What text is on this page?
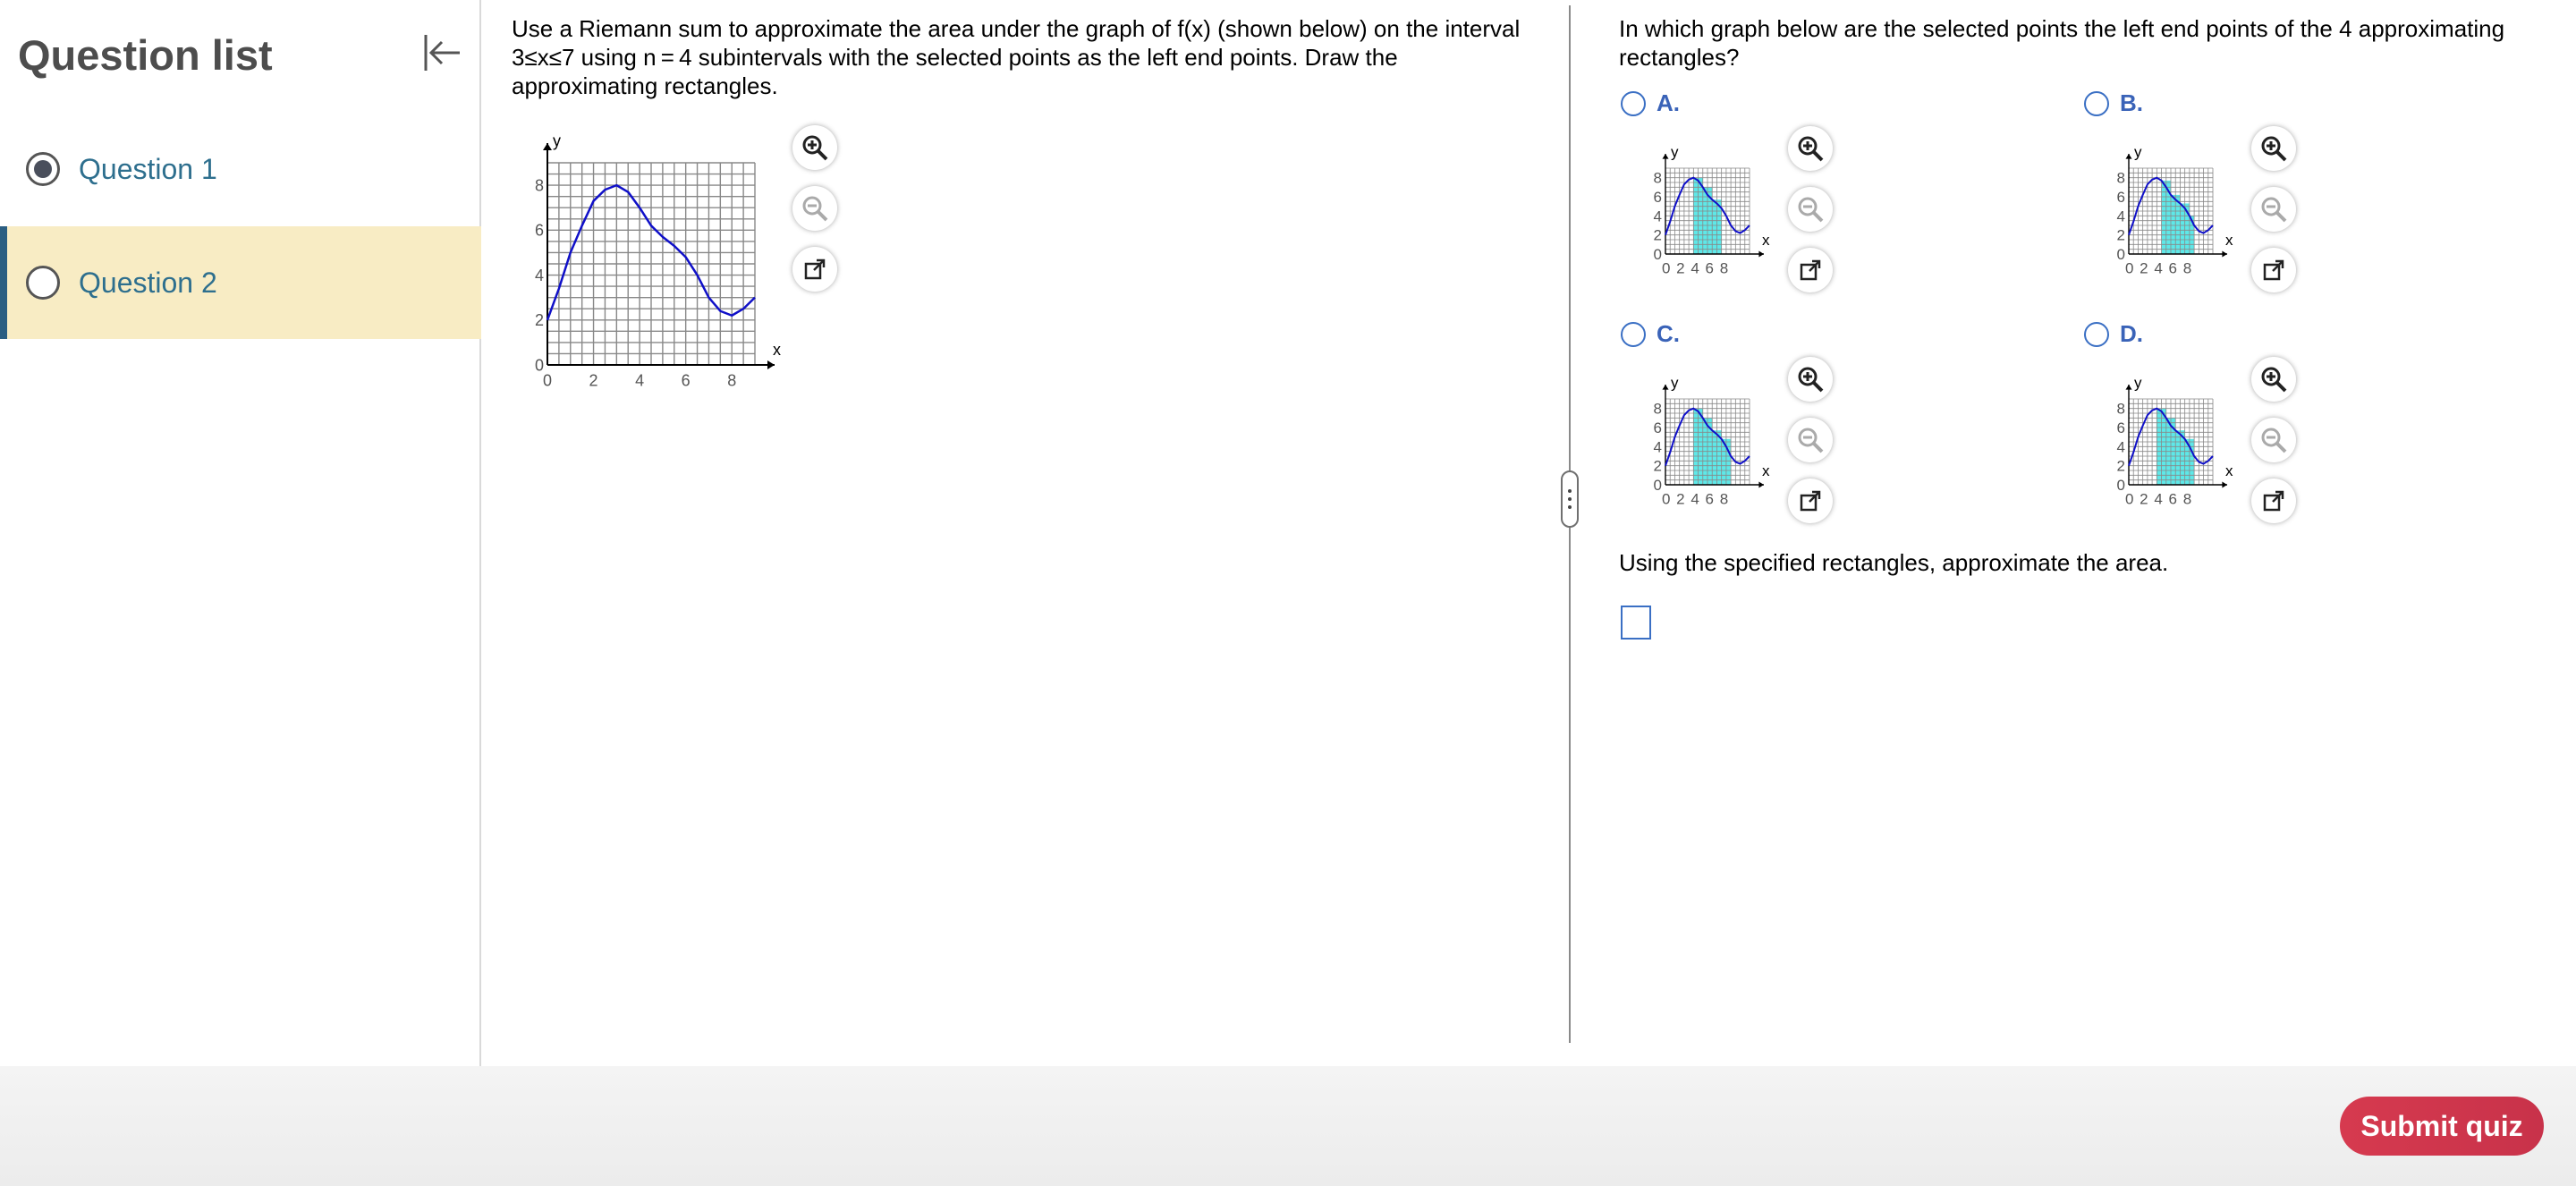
Question list
Question 1
Question 2
Use a Riemann sum to approximate the area under the graph of f(x) (shown below) on the interval 3≤x≤7 using n = 4 subintervals with the selected points as the left end points. Draw the approximating rectangles.
x
y
0
2
4
6
8
0 2 4 6 8
In which graph below are the selected points the left end points of the 4 approximating rectangles?
A.
x
y
0
2
4
6
8
0 2 4 6 8
B.
x
y
0
2
4
6
8
0 2 4 6 8
C.
x
y
0
2
4
6
8
0 2 4 6 8
D.
x
y
0
2
4
6
8
0 2 4 6 8
Using the specified rectangles, approximate the area.
Submit quiz
